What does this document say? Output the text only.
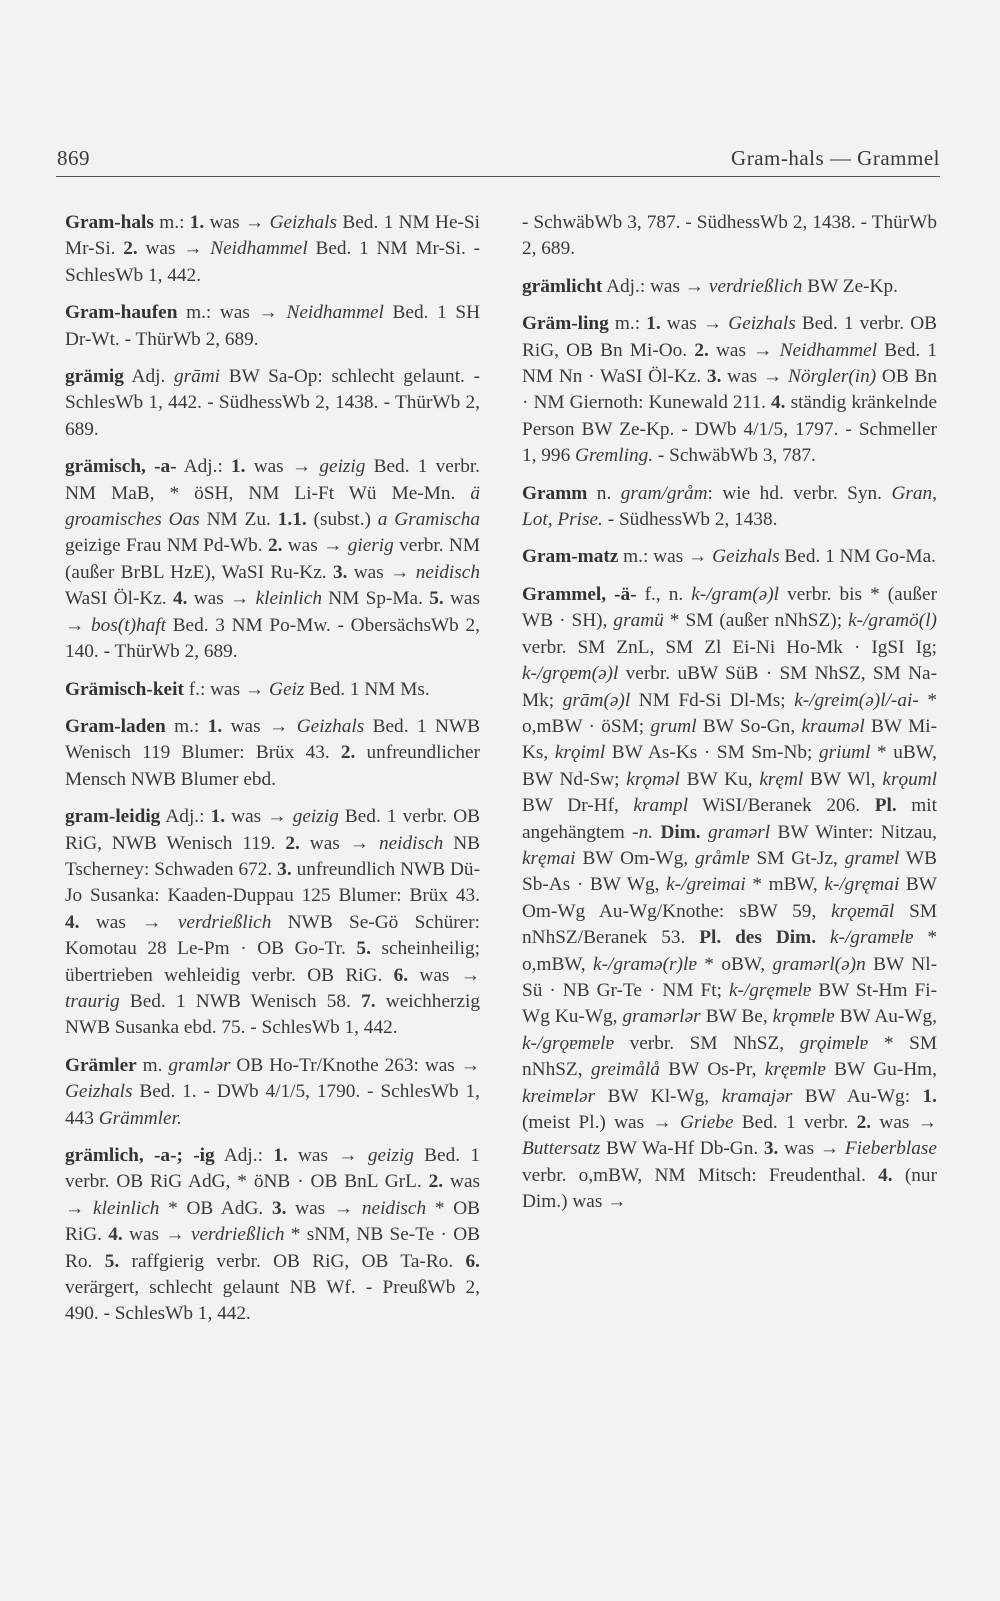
869	Gram-hals — Grammel

Gram-hals m.: 1. was → Geizhals Bed. 1 NM He-Si Mr-Si. 2. was → Neidhammel Bed. 1 NM Mr-Si. - SchlesWb 1, 442.

Gram-haufen m.: was → Neidhammel Bed. 1 SH Dr-Wt. - ThürWb 2, 689.

grämig Adj. grāmi BW Sa-Op: schlecht gelaunt. - SchlesWb 1, 442. - SüdhessWb 2, 1438. - ThürWb 2, 689.

grämisch, -a- Adj.: 1. was → geizig Bed. 1 verbr. NM MaB, * öSH, NM Li-Ft Wü Me-Mn. ä groamisches Oas NM Zu. 1.1. (subst.) a Gramischa geizige Frau NM Pd-Wb. 2. was → gierig verbr. NM (außer BrBL HzE), WaSI Ru-Kz. 3. was → neidisch WaSI Öl-Kz. 4. was → kleinlich NM Sp-Ma. 5. was → bos(t)haft Bed. 3 NM Po-Mw. - ObersächsWb 2, 140. - ThürWb 2, 689.

Grämisch-keit f.: was → Geiz Bed. 1 NM Ms.

Gram-laden m.: 1. was → Geizhals Bed. 1 NWB Wenisch 119 Blumer: Brüx 43. 2. unfreundlicher Mensch NWB Blumer ebd.

gram-leidig Adj.: 1. was → geizig Bed. 1 verbr. OB RiG, NWB Wenisch 119. 2. was → neidisch NB Tscherney: Schwaden 672. 3. unfreundlich NWB Dü-Jo Susanka: Kaaden-Duppau 125 Blumer: Brüx 43. 4. was → verdrießlich NWB Se-Gö Schürer: Komotau 28 Le-Pm · OB Go-Tr. 5. scheinheilig; übertrieben wehleidig verbr. OB RiG. 6. was → traurig Bed. 1 NWB Wenisch 58. 7. weichherzig NWB Susanka ebd. 75. - SchlesWb 1, 442.

Grämler m. gramlər OB Ho-Tr/Knothe 263: was → Geizhals Bed. 1. - DWb 4/1/5, 1790. - SchlesWb 1, 443 Grämmler.

grämlich, -a-; -ig Adj.: 1. was → geizig Bed. 1 verbr. OB RiG AdG, * öNB · OB BnL GrL. 2. was → kleinlich * OB AdG. 3. was → neidisch * OB RiG. 4. was → verdrießlich * sNM, NB Se-Te · OB Ro. 5. raffgierig verbr. OB RiG, OB Ta-Ro. 6. verärgert, schlecht gelaunt NB Wf. - PreußWb 2, 490. - SchlesWb 1, 442.

- SchwäbWb 3, 787. - SüdhessWb 2, 1438. - ThürWb 2, 689.

grämlicht Adj.: was → verdrießlich BW Ze-Kp.

Gräm-ling m.: 1. was → Geizhals Bed. 1 verbr. OB RiG, OB Bn Mi-Oo. 2. was → Neidhammel Bed. 1 NM Nn · WaSI Öl-Kz. 3. was → Nörgler(in) OB Bn · NM Giernoth: Kunewald 211. 4. ständig kränkelnde Person BW Ze-Kp. - DWb 4/1/5, 1797. - Schmeller 1, 996 Gremling. - SchwäbWb 3, 787.

Gramm n. gram/gråm: wie hd. verbr. Syn. Gran, Lot, Prise. - SüdhessWb 2, 1438.

Gram-matz m.: was → Geizhals Bed. 1 NM Go-Ma.

Grammel, -ä- f., n. k-/gram(ə)l verbr. bis * (außer WB · SH), gramü * SM (außer nNhSZ); k-/gramö(l) verbr. SM ZnL, SM Zl Ei-Ni Ho-Mk · IgSI Ig; k-/grǫɐm(ə)l verbr. uBW SüB · SM NhSZ, SM Na-Mk; grām(ə)l NM Fd-Si Dl-Ms; k-/greim(ə)l/-ai- * o,mBW · öSM; gruml BW So-Gn, kraumǝl BW Mi-Ks, krǫiml BW As-Ks · SM Sm-Nb; griuml * uBW, BW Nd-Sw; krǫmǝl BW Ku, kręml BW Wl, krǫuml BW Dr-Hf, krampl WiSI/Beranek 206. Pl. mit angehängtem -n. Dim. gramǝrl BW Winter: Nitzau, kręmai BW Om-Wg, gråmlɐ SM Gt-Jz, gramɐl WB Sb-As · BW Wg, k-/greimai * mBW, k-/gręmai BW Om-Wg Au-Wg/Knothe: sBW 59, krǫɐmāl SM nNhSZ/Beranek 53. Pl. des Dim. k-/gramɐlɐ * o,mBW, k-/gramə(r)lɐ * oBW, gramǝrl(ə)n BW Nl-Sü · NB Gr-Te · NM Ft; k-/gręmɐlɐ BW St-Hm Fi-Wg Ku-Wg, gramǝrlǝr BW Be, krǫmɐlɐ BW Au-Wg, k-/grǫɐmɐlɐ verbr. SM NhSZ, grǫimɐlɐ * SM nNhSZ, greimålå BW Os-Pr, kręɐmlɐ BW Gu-Hm, kreimɐlǝr BW Kl-Wg, kramajǝr BW Au-Wg: 1. (meist Pl.) was → Griebe Bed. 1 verbr. 2. was → Buttersatz BW Wa-Hf Db-Gn. 3. was → Fieberblase verbr. o,mBW, NM Mitsch: Freudenthal. 4. (nur Dim.) was →
